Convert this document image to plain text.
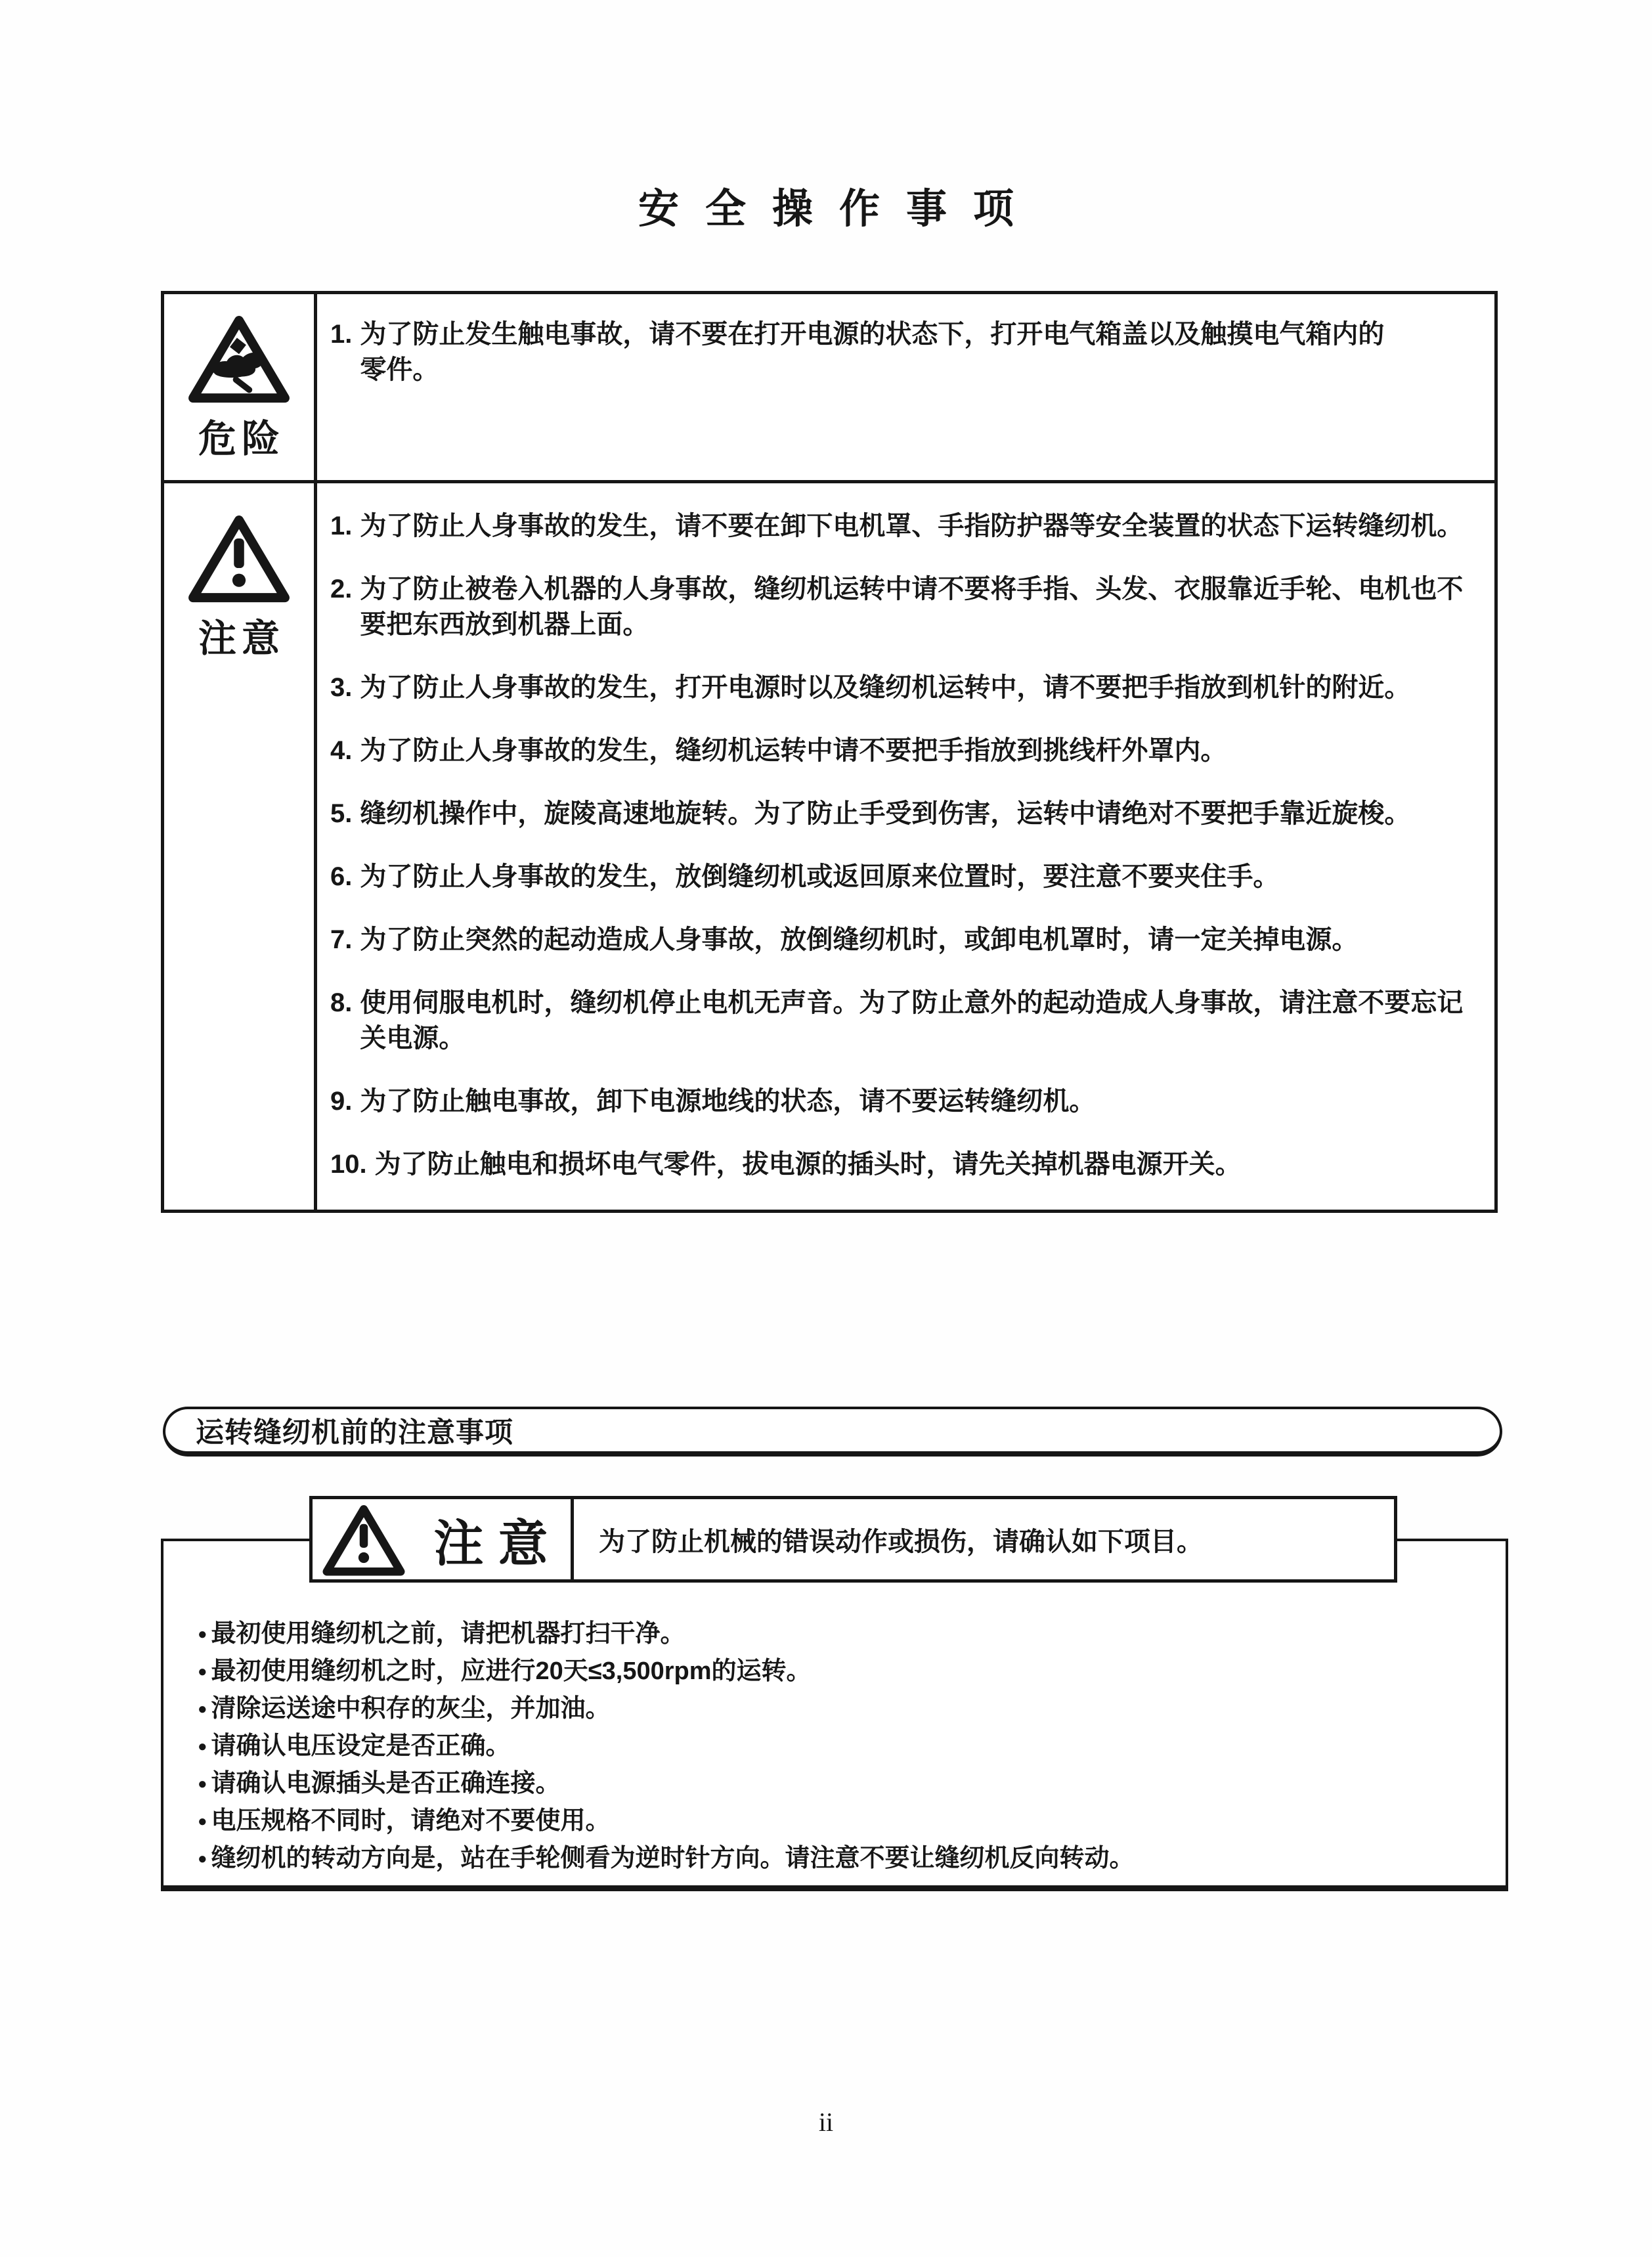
安全操作事项
危险
1. 为了防止发生触电事故，请不要在打开电源的状态下，打开电气箱盖以及触摸电气箱内的零件。
注意
1. 为了防止人身事故的发生，请不要在卸下电机罩、手指防护器等安全装置的状态下运转缝纫机。
2. 为了防止被卷入机器的人身事故，缝纫机运转中请不要将手指、头发、衣服靠近手轮、电机也不要把东西放到机器上面。
3. 为了防止人身事故的发生，打开电源时以及缝纫机运转中，请不要把手指放到机针的附近。
4. 为了防止人身事故的发生，缝纫机运转中请不要把手指放到挑线杆外罩内。
5. 缝纫机操作中，旋陵高速地旋转。为了防止手受到伤害，运转中请绝对不要把手靠近旋梭。
6. 为了防止人身事故的发生，放倒缝纫机或返回原来位置时，要注意不要夹住手。
7. 为了防止突然的起动造成人身事故，放倒缝纫机时，或卸电机罩时，请一定关掉电源。
8. 使用伺服电机时，缝纫机停止电机无声音。为了防止意外的起动造成人身事故，请注意不要忘记关电源。
9. 为了防止触电事故，卸下电源地线的状态，请不要运转缝纫机。
10. 为了防止触电和损坏电气零件，拔电源的插头时，请先关掉机器电源开关。
运转缝纫机前的注意事项
● 最初使用缝纫机之前，请把机器打扫干净。
● 最初使用缝纫机之时，应进行20天≤3,500rpm的运转。
● 清除运送途中积存的灰尘，并加油。
● 请确认电压设定是否正确。
● 请确认电源插头是否正确连接。
● 电压规格不同时，请绝对不要使用。
● 缝纫机的转动方向是，站在手轮侧看为逆时针方向。请注意不要让缝纫机反向转动。
注意	为了防止机械的错误动作或损伤，请确认如下项目。
ii
